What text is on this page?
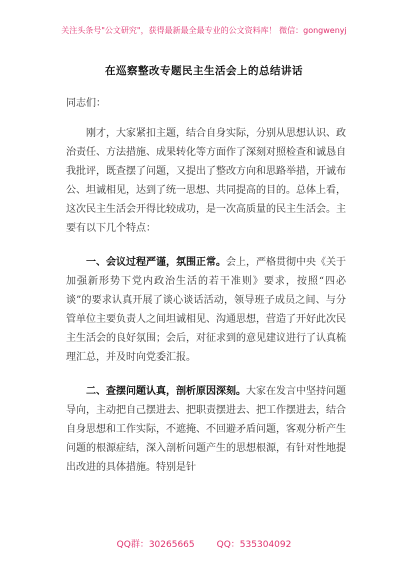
关注头条号"公文研究"，获得最新最全最专业的公文资料库！ 微信：gongwenyj
在巡察整改专题民主生活会上的总结讲话

同志们：

刚才，大家紧扣主题，结合自身实际，分别从思想认识、政治责任、方法措施、成果转化等方面作了深刻对照检查和诚恳自我批评，既查摆了问题，又提出了整改方向和思路举措，开诚布公、坦诚相见，达到了统一思想、共同提高的目的。总体上看，这次民主生活会开得比较成功，是一次高质量的民主生活会。主要有以下几个特点：

一、会议过程严谨，氛围正常。会上，严格贯彻中央《关于加强新形势下党内政治生活的若干准则》要求，按照“四必谈”的要求认真开展了谈心谈话活动，领导班子成员之间、与分管单位主要负责人之间坦诚相见、沟通思想，营造了开好此次民主生活会的良好氛围；会后，对征求到的意见建议进行了认真梳理汇总，并及时向党委汇报。

二、查摆问题认真，剖析原因深刻。大家在发言中坚持问题导向，主动把自己摆进去、把职责摆进去、把工作摆进去，结合自身思想和工作实际，不遮掩、不回避矛盾问题，客观分析产生问题的根源症结，深入剖析问题产生的思想根源，有针对性地提出改进的具体措施。特别是针

QQ群：30265665 QQ：535304092
